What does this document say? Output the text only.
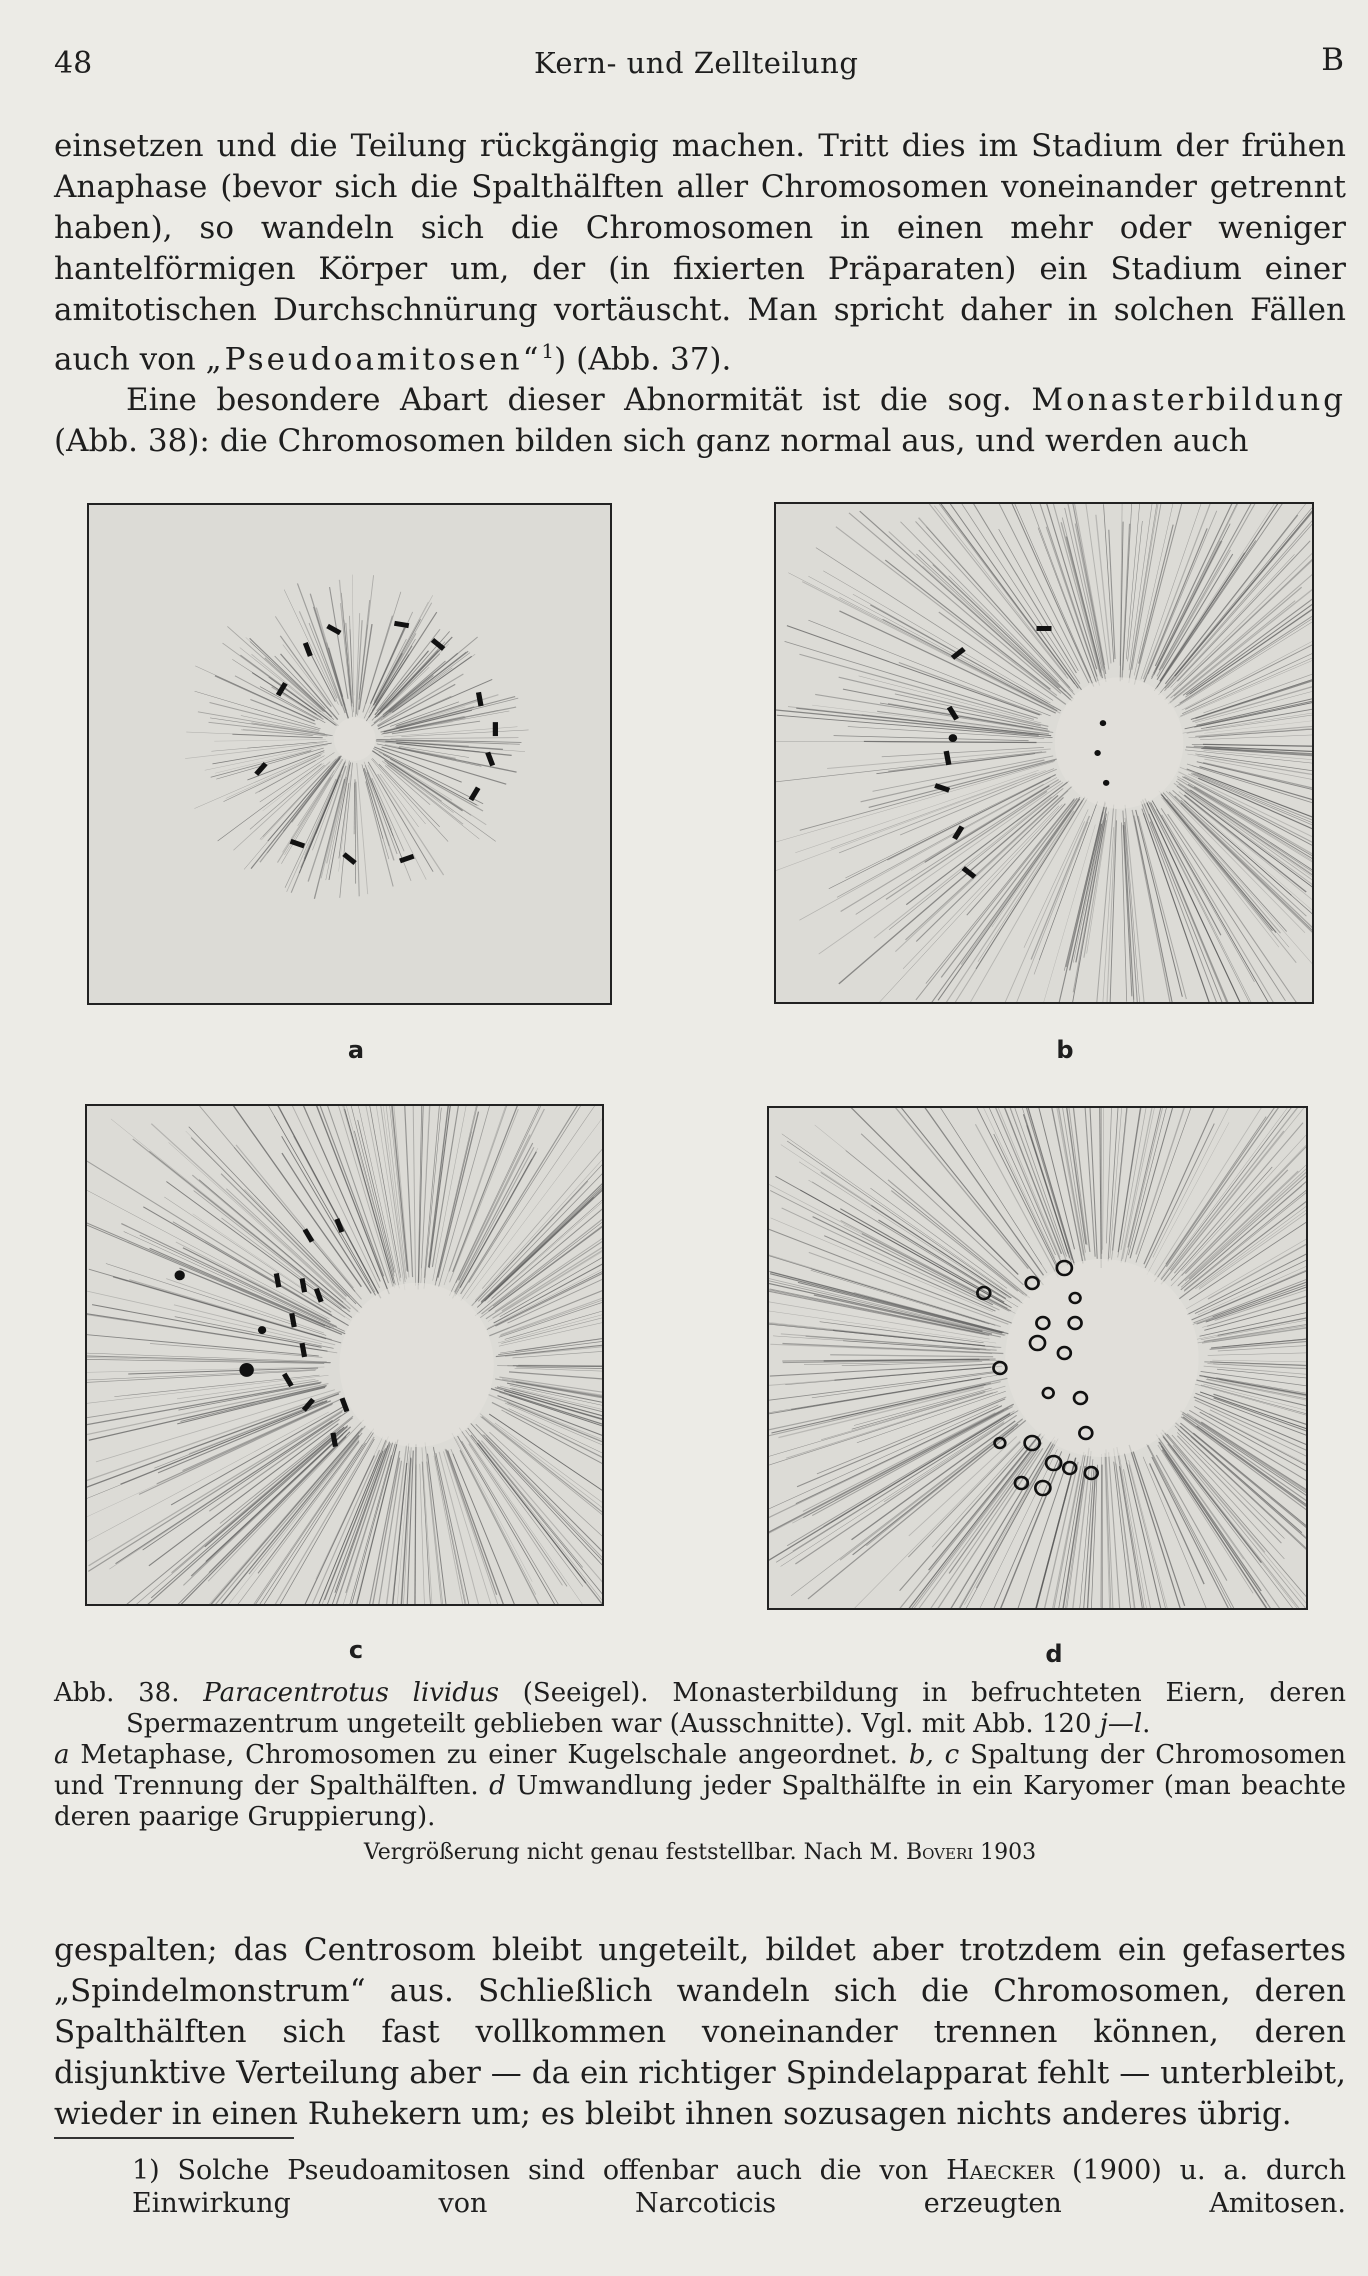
48	Kern- und Zellteilung	B

einsetzen und die Teilung rückgängig machen. Tritt dies im Stadium der frühen Anaphase (bevor sich die Spalthälften aller Chromosomen voneinander getrennt haben), so wandeln sich die Chromosomen in einen mehr oder weniger hantelförmigen Körper um, der (in fixierten Präparaten) ein Stadium einer amitotischen Durchschnürung vortäuscht. Man spricht daher in solchen Fällen auch von „Pseudoamitosen“$^1$) (Abb. 37).

Eine besondere Abart dieser Abnormität ist die sog. Monasterbildung (Abb. 38): die Chromosomen bilden sich ganz normal aus, und werden auch

a	b
c	d
Abb. 38. Paracentrotus lividus (Seeigel). Monasterbildung in befruchteten Eiern, deren
Spermazentrum ungeteilt geblieben war (Ausschnitte). Vgl. mit Abb. 120 j—l.
a Metaphase, Chromosomen zu einer Kugelschale angeordnet. b, c Spaltung der Chromosomen und Trennung der Spalthälften. d Umwandlung jeder Spalthälfte in ein Karyomer (man beachte deren paarige Gruppierung).
Vergrößerung nicht genau feststellbar. Nach M. Boveri 1903

gespalten; das Centrosom bleibt ungeteilt, bildet aber trotzdem ein gefasertes „Spindelmonstrum“ aus. Schließlich wandeln sich die Chromosomen, deren Spalthälften sich fast vollkommen voneinander trennen können, deren disjunktive Verteilung aber — da ein richtiger Spindelapparat fehlt — unterbleibt, wieder in einen Ruhekern um; es bleibt ihnen sozusagen nichts anderes übrig.

1) Solche Pseudoamitosen sind offenbar auch die von Haecker (1900) u. a. durch Einwirkung von Narcoticis erzeugten Amitosen.
